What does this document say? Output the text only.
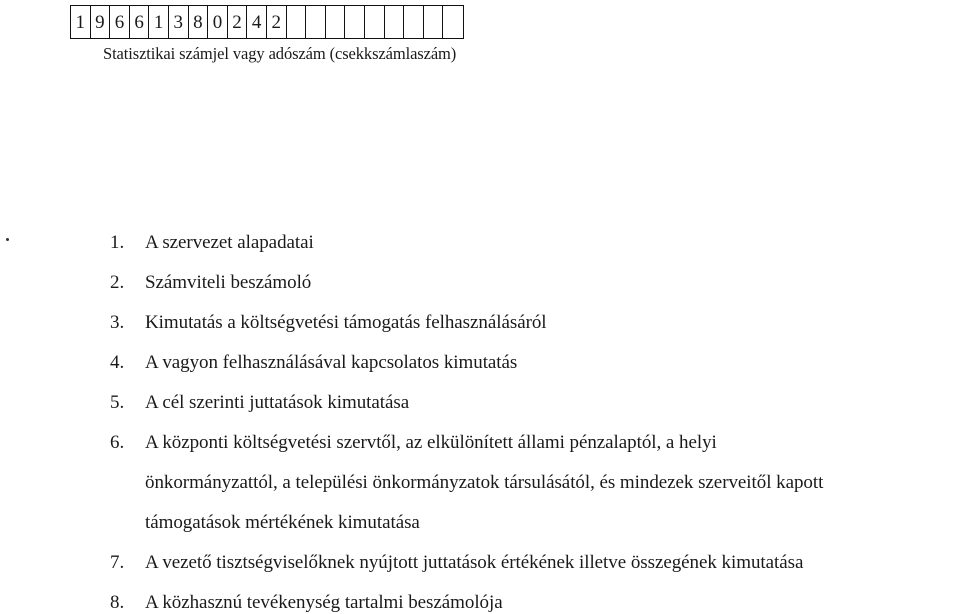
1 9 6 6 1 3 8 0 2 4 2
Statisztikai számjel vagy adószám (csekkszámlaszám)
1. A szervezet alapadatai
2. Számviteli beszámoló
3. Kimutatás a költségvetési támogatás felhasználásáról
4. A vagyon felhasználásával kapcsolatos kimutatás
5. A cél szerinti juttatások kimutatása
6. A központi költségvetési szervtől, az elkülönített állami pénzalaptól, a helyi
önkormányzattól, a települési önkormányzatok társulásától, és mindezek szerveitől kapott
támogatások mértékének kimutatása
7. A vezető tisztségviselőknek nyújtott juttatások értékének illetve összegének kimutatása
8. A közhasznú tevékenység tartalmi beszámolója
